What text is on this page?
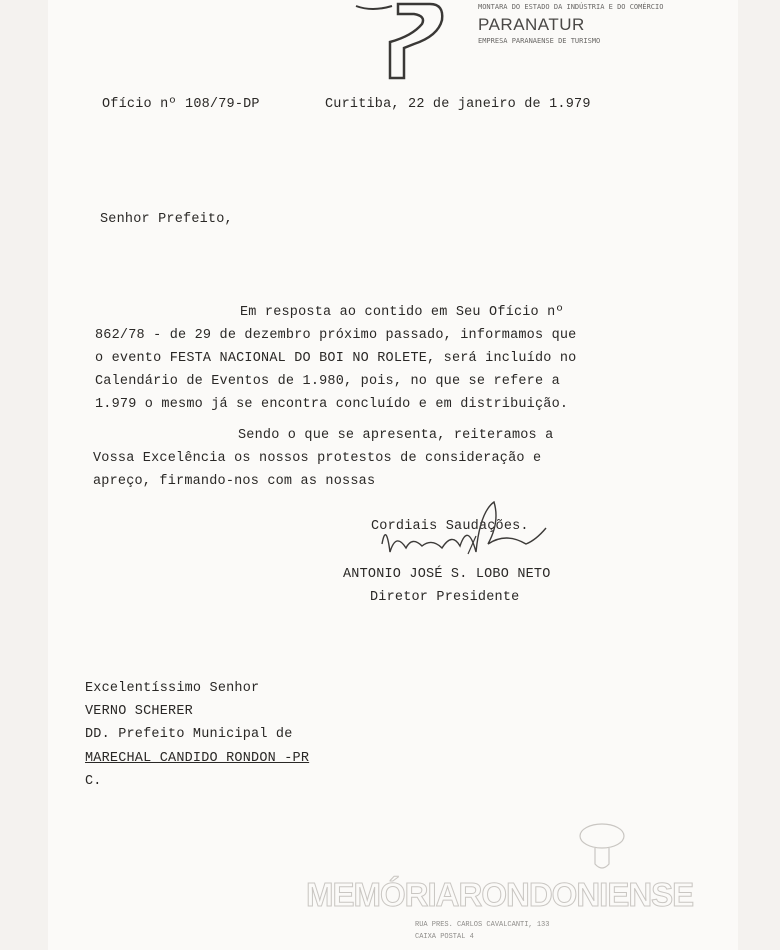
MONTARA DO ESTADO DA INDÚSTRIA E DO COMÉRCIO
PARANATUR
EMPRESA PARANAENSE DE TURISMO
Ofício nº 108/79-DP	Curitiba, 22 de janeiro de 1.979
Senhor Prefeito,
Em resposta ao contido em Seu Ofício nº
862/78 - de 29 de dezembro próximo passado, informamos que
o evento FESTA NACIONAL DO BOI NO ROLETE, será incluído no
Calendário de Eventos de 1.980, pois, no que se refere a
1.979 o mesmo já se encontra concluído e em distribuição.
Sendo o que se apresenta, reiteramos a
Vossa Excelência os nossos protestos de consideração e
apreço, firmando-nos com as nossas
Cordiais Saudações.
ANTONIO JOSÉ S. LOBO NETO
Diretor Presidente
Excelentíssimo Senhor
VERNO SCHERER
DD. Prefeito Municipal de
MARECHAL CANDIDO RONDON -PR
C.
MEMÓRIARONDONIENSE
RUA PRES. CARLOS CAVALCANTI, 133
CAIXA POSTAL 4
